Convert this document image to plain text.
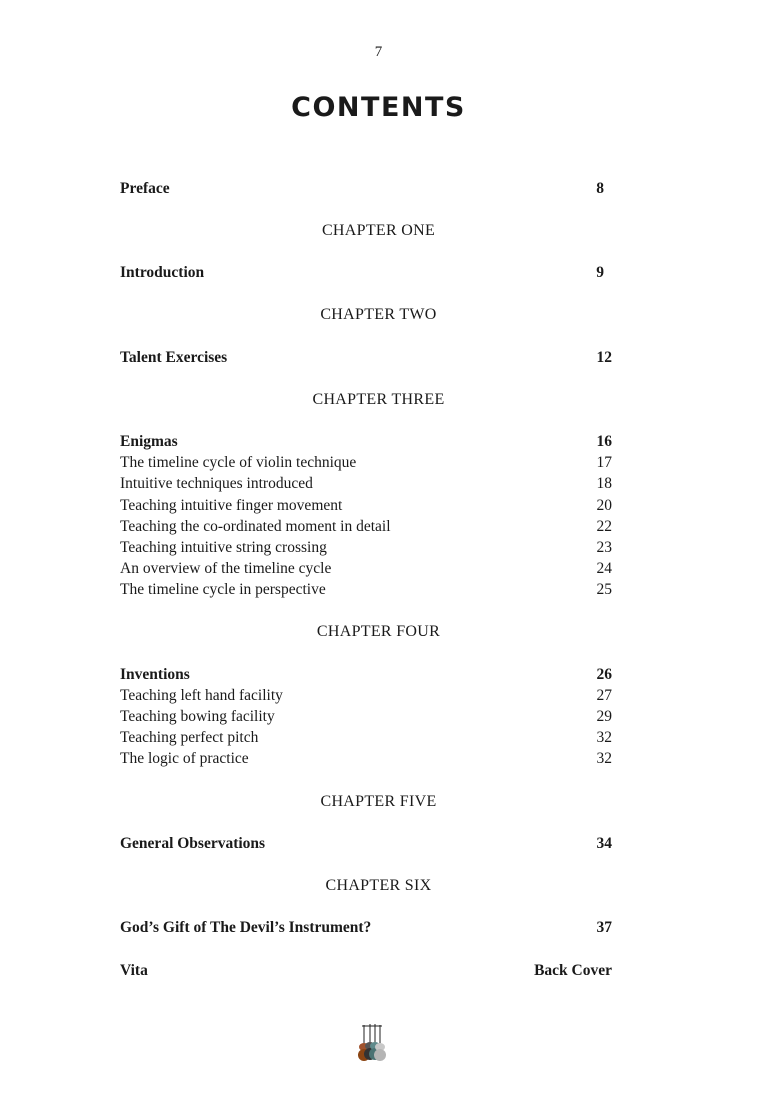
7
CONTENTS
Preface	8
CHAPTER ONE
Introduction	9
CHAPTER TWO
Talent Exercises	12
CHAPTER THREE
Enigmas	16
The timeline cycle of violin technique	17
Intuitive techniques introduced	18
Teaching intuitive finger movement	20
Teaching the co-ordinated moment in detail	22
Teaching intuitive string crossing	23
An overview of the timeline cycle	24
The timeline cycle in perspective	25
CHAPTER FOUR
Inventions	26
Teaching left hand facility	27
Teaching bowing facility	29
Teaching perfect pitch	32
The logic of practice	32
CHAPTER FIVE
General Observations	34
CHAPTER SIX
God’s Gift of The Devil’s Instrument?	37
Vita	Back Cover
